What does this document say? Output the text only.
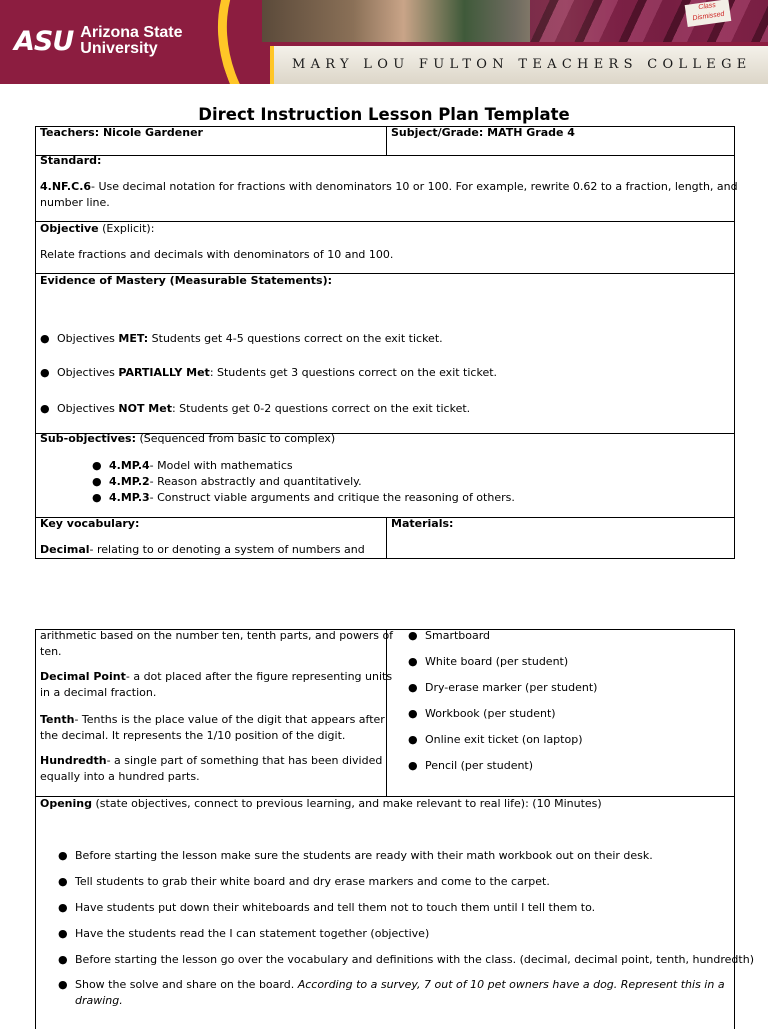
Class Dismissed
ASU Arizona State
University
MARY LOU FULTON TEACHERS COLLEGE
Direct Instruction Lesson Plan Template
Teachers: Nicole Gardener	Subject/Grade: MATH Grade 4
Standard:
4.NF.C.6- Use decimal notation for fractions with denominators 10 or 100. For example, rewrite 0.62 to a fraction, length, and
number line.
Objective (Explicit):
Relate fractions and decimals with denominators of 10 and 100.
Evidence of Mastery (Measurable Statements):
● Objectives MET: Students get 4-5 questions correct on the exit ticket.
● Objectives PARTIALLY Met: Students get 3 questions correct on the exit ticket.
● Objectives NOT Met: Students get 0-2 questions correct on the exit ticket.
Sub-objectives: (Sequenced from basic to complex)
● 4.MP.4- Model with mathematics
● 4.MP.2- Reason abstractly and quantitatively.
● 4.MP.3- Construct viable arguments and critique the reasoning of others.
Key vocabulary:	Materials:
Decimal- relating to or denoting a system of numbers and
arithmetic based on the number ten, tenth parts, and powers of
ten.
Decimal Point- a dot placed after the figure representing units
in a decimal fraction.
Tenth- Tenths is the place value of the digit that appears after
the decimal. It represents the 1/10 position of the digit.
Hundredth- a single part of something that has been divided
equally into a hundred parts.
● Smartboard
● White board (per student)
● Dry-erase marker (per student)
● Workbook (per student)
● Online exit ticket (on laptop)
● Pencil (per student)
Opening (state objectives, connect to previous learning, and make relevant to real life): (10 Minutes)
● Before starting the lesson make sure the students are ready with their math workbook out on their desk.
● Tell students to grab their white board and dry erase markers and come to the carpet.
● Have students put down their whiteboards and tell them not to touch them until I tell them to.
● Have the students read the I can statement together (objective)
● Before starting the lesson go over the vocabulary and definitions with the class. (decimal, decimal point, tenth, hundredth)
● Show the solve and share on the board. According to a survey, 7 out of 10 pet owners have a dog. Represent this in a
drawing.
